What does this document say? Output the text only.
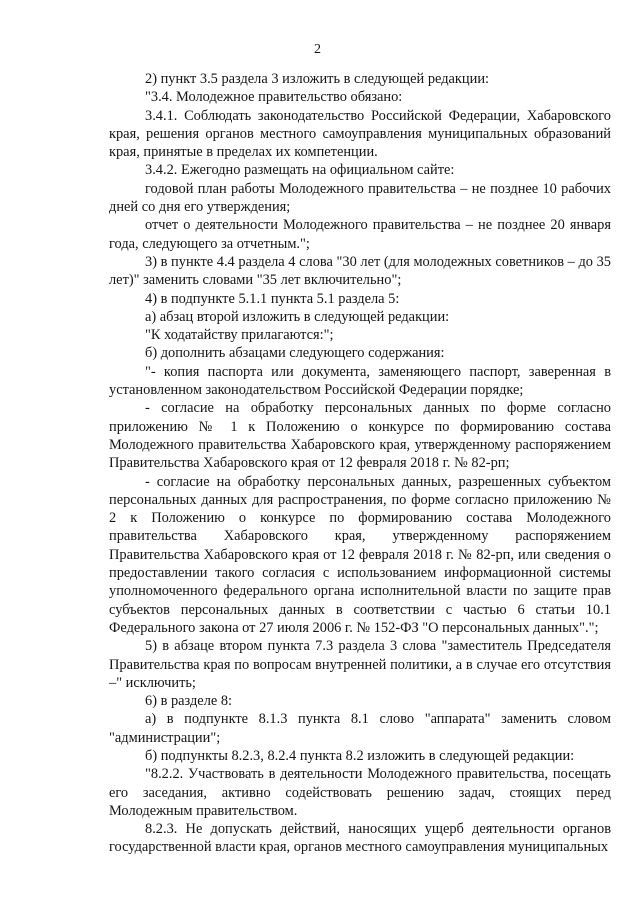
2

2) пункт 3.5 раздела 3 изложить в следующей редакции:

"3.4. Молодежное правительство обязано:

3.4.1. Соблюдать законодательство Российской Федерации, Хабаровского края, решения органов местного самоуправления муниципальных образований края, принятые в пределах их компетенции.

3.4.2. Ежегодно размещать на официальном сайте:

годовой план работы Молодежного правительства – не позднее 10 рабочих дней со дня его утверждения;

отчет о деятельности Молодежного правительства – не позднее 20 января года, следующего за отчетным.";

3) в пункте 4.4 раздела 4 слова "30 лет (для молодежных советников – до 35 лет)" заменить словами "35 лет включительно";

4) в подпункте 5.1.1 пункта 5.1 раздела 5:

а) абзац второй изложить в следующей редакции:

"К ходатайству прилагаются:";

б) дополнить абзацами следующего содержания:

"- копия паспорта или документа, заменяющего паспорт, заверенная в установленном законодательством Российской Федерации порядке;

- согласие на обработку персональных данных по форме согласно приложению № 1 к Положению о конкурсе по формированию состава Молодежного правительства Хабаровского края, утвержденному распоряжением Правительства Хабаровского края от 12 февраля 2018 г. № 82-рп;

- согласие на обработку персональных данных, разрешенных субъектом персональных данных для распространения, по форме согласно приложению № 2 к Положению о конкурсе по формированию состава Молодежного правительства Хабаровского края, утвержденному распоряжением Правительства Хабаровского края от 12 февраля 2018 г. № 82-рп, или сведения о предоставлении такого согласия с использованием информационной системы уполномоченного федерального органа исполнительной власти по защите прав субъектов персональных данных в соответствии с частью 6 статьи 10.1 Федерального закона от 27 июля 2006 г. № 152-ФЗ "О персональных данных".";

5) в абзаце втором пункта 7.3 раздела 3 слова "заместитель Председателя Правительства края по вопросам внутренней политики, а в случае его отсутствия –" исключить;

6) в разделе 8:

а) в подпункте 8.1.3 пункта 8.1 слово "аппарата" заменить словом "администрации";

б) подпункты 8.2.3, 8.2.4 пункта 8.2 изложить в следующей редакции:

"8.2.2. Участвовать в деятельности Молодежного правительства, посещать его заседания, активно содействовать решению задач, стоящих перед Молодежным правительством.

8.2.3. Не допускать действий, наносящих ущерб деятельности органов государственной власти края, органов местного самоуправления муниципальных
